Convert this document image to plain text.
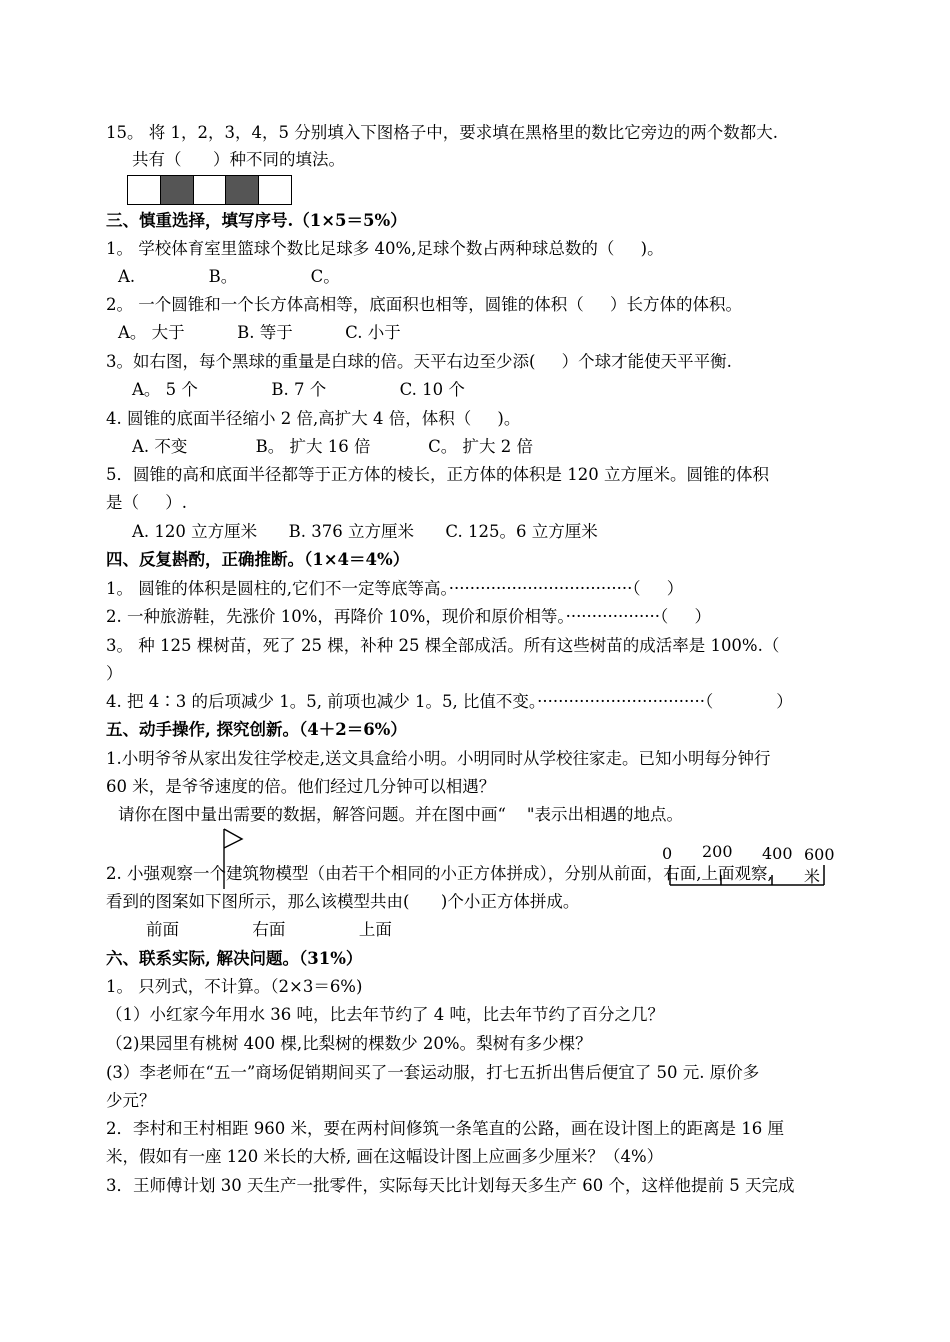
15。 将 1，2，3，4，5 分别填入下图格子中，要求填在黑格里的数比它旁边的两个数都大.
共有（      ）种不同的填法。
三、慎重选择，填写序号.（1×5＝5%）
1。 学校体育室里篮球个数比足球多 40%,足球个数占两种球总数的（     )。
A.              B。              C。
2。 一个圆锥和一个长方体高相等，底面积也相等，圆锥的体积（     ）长方体的体积。
A。 大于          B. 等于          C. 小于
3。如右图，每个黑球的重量是白球的倍。天平右边至少添(     ）个球才能使天平平衡.
A。 5 个              B. 7 个              C. 10 个
4. 圆锥的底面半径缩小 2 倍,高扩大 4 倍，体积（     )。
A. 不变             B。 扩大 16 倍           C。 扩大 2 倍
5．圆锥的高和底面半径都等于正方体的棱长，正方体的体积是 120 立方厘米。圆锥的体积
是（     ）.
A. 120 立方厘米      B. 376 立方厘米      C. 125。6 立方厘米
四、反复斟酌，正确推断。（1×4＝4%）
1。 圆锥的体积是圆柱的,它们不一定等底等高。···································（     ）
2. 一种旅游鞋，先涨价 10%，再降价 10%，现价和原价相等。··················（     ）
3。 种 125 棵树苗，死了 25 棵，补种 25 棵全部成活。所有这些树苗的成活率是 100%.（
）
4. 把 4∶3 的后项减少 1。5, 前项也减少 1。5, 比值不变。································（            ）
五、动手操作, 探究创新。（4＋2＝6%）
1.小明爷爷从家出发往学校走,送文具盒给小明。小明同时从学校往家走。已知小明每分钟行
60 米，是爷爷速度的倍。他们经过几分钟可以相遇？
请你在图中量出需要的数据，解答问题。并在图中画“    "表示出相遇的地点。
2. 小强观察一个建筑物模型（由若干个相同的小正方体拼成），分别从前面，右面,上面观察,
看到的图案如下图所示，那么该模型共由(      )个小正方体拼成。
0 200 400 600 米
前面              右面              上面
六、联系实际, 解决问题。（31%）
1。 只列式，不计算。（2×3＝6%)
（1）小红家今年用水 36 吨，比去年节约了 4 吨，比去年节约了百分之几？
（2)果园里有桃树 400 棵,比梨树的棵数少 20%。梨树有多少棵？
(3）李老师在“五一”商场促销期间买了一套运动服，打七五折出售后便宜了 50 元. 原价多
少元？
2．李村和王村相距 960 米，要在两村间修筑一条笔直的公路，画在设计图上的距离是 16 厘
米，假如有一座 120 米长的大桥, 画在这幅设计图上应画多少厘米？（4%）
3．王师傅计划 30 天生产一批零件，实际每天比计划每天多生产 60 个，这样他提前 5 天完成
